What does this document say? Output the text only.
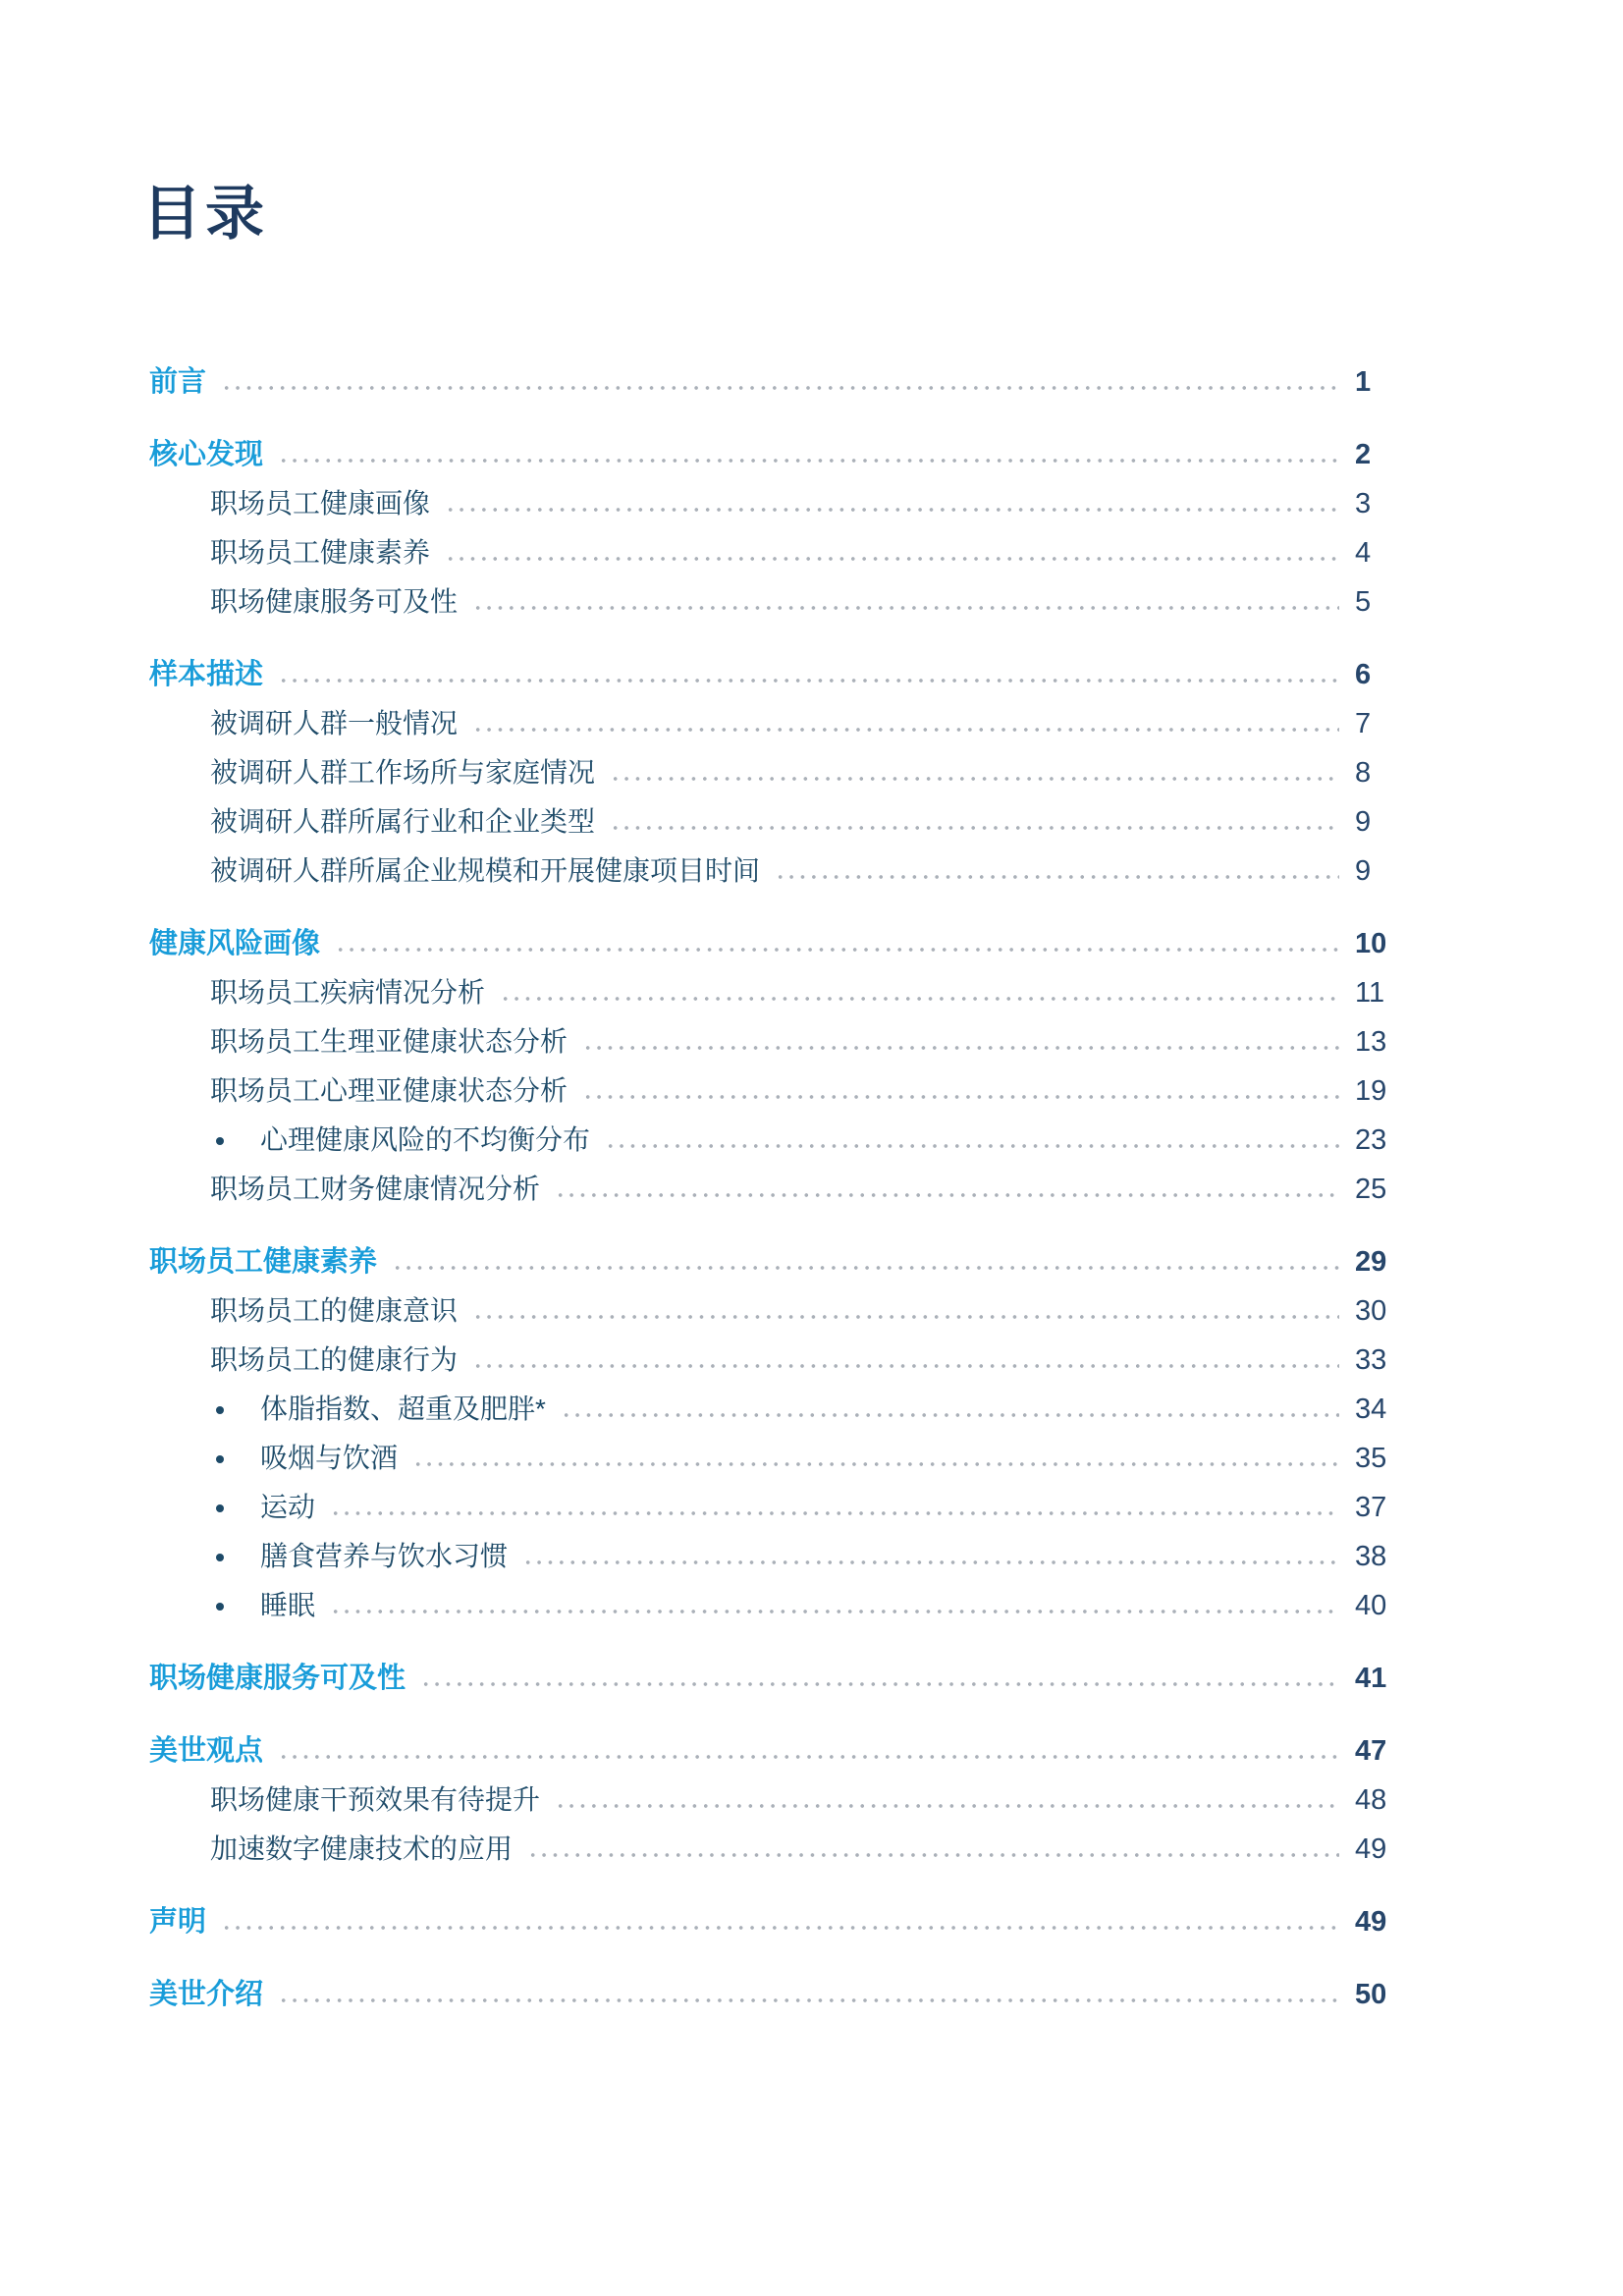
目录
前言	1
核心发现	2
职场员工健康画像	3
职场员工健康素养	4
职场健康服务可及性	5
样本描述	6
被调研人群一般情况	7
被调研人群工作场所与家庭情况	8
被调研人群所属行业和企业类型	9
被调研人群所属企业规模和开展健康项目时间	9
健康风险画像	10
职场员工疾病情况分析	11
职场员工生理亚健康状态分析	13
职场员工心理亚健康状态分析	19
心理健康风险的不均衡分布	23
职场员工财务健康情况分析	25
职场员工健康素养	29
职场员工的健康意识	30
职场员工的健康行为	33
体脂指数、超重及肥胖*	34
吸烟与饮酒	35
运动	37
膳食营养与饮水习惯	38
睡眠	40
职场健康服务可及性	41
美世观点	47
职场健康干预效果有待提升	48
加速数字健康技术的应用	49
声明	49
美世介绍	50
